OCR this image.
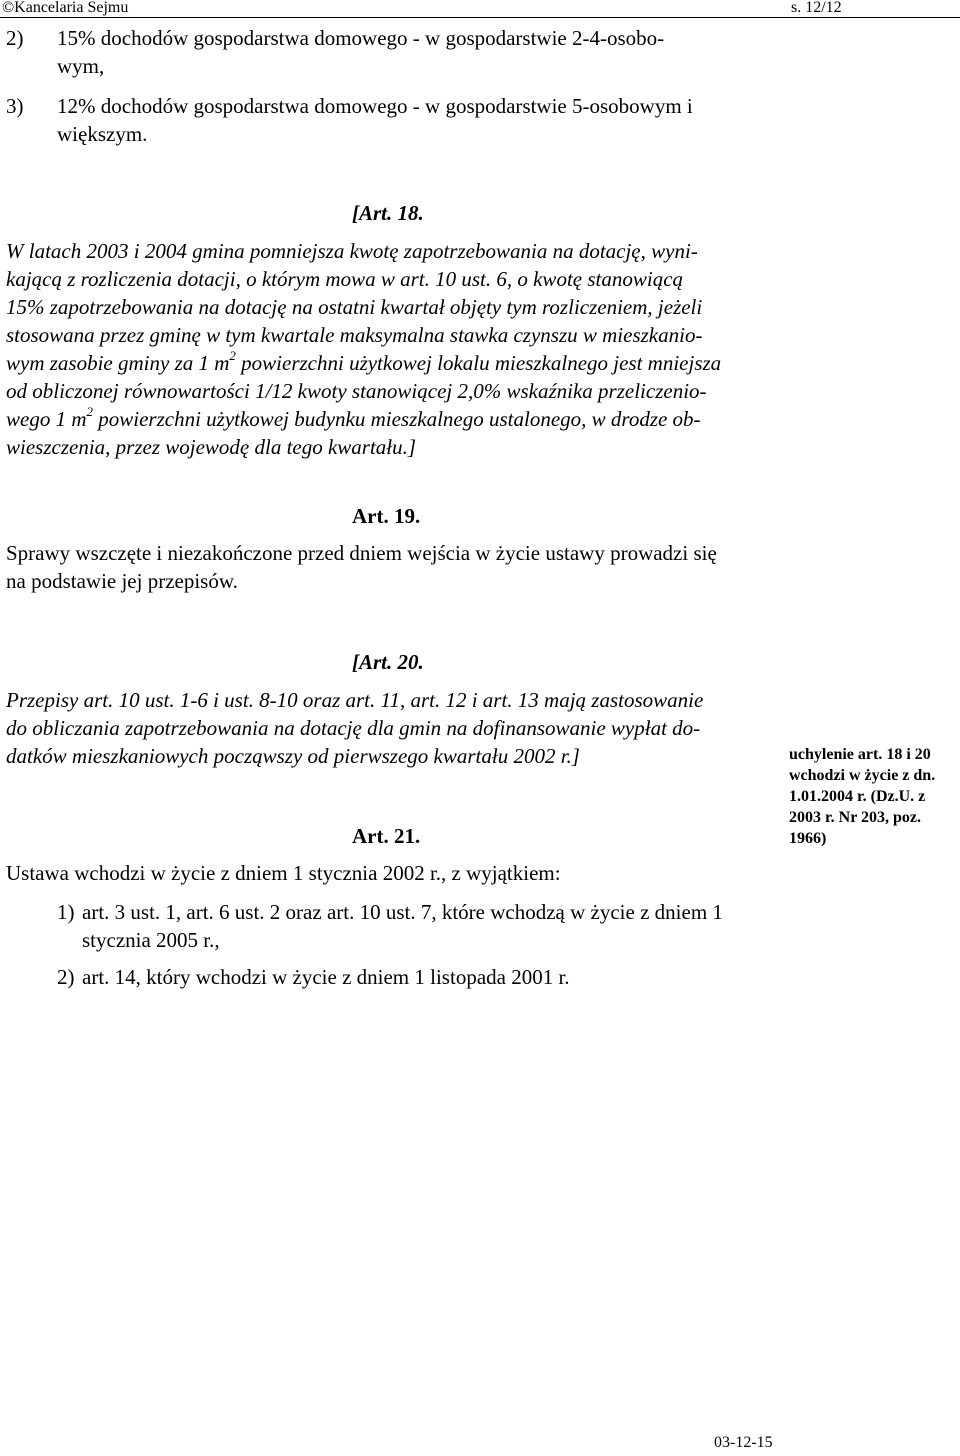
©Kancelaria Sejmu	s. 12/12
2) 15% dochodów gospodarstwa domowego - w gospodarstwie 2-4-osobo-
wym,
3) 12% dochodów gospodarstwa domowego - w gospodarstwie 5-osobowym i
większym.
[Art. 18.
W latach 2003 i 2004 gmina pomniejsza kwotę zapotrzebowania na dotację, wyni-
kającą z rozliczenia dotacji, o którym mowa w art. 10 ust. 6, o kwotę stanowiącą
15% zapotrzebowania na dotację na ostatni kwartał objęty tym rozliczeniem, jeżeli
stosowana przez gminę w tym kwartale maksymalna stawka czynszu w mieszkanio-
wym zasobie gminy za 1 $m^2$ powierzchni użytkowej lokalu mieszkalnego jest mniejsza
od obliczonej równowartości 1/12 kwoty stanowiącej 2,0% wskaźnika przeliczenio-
wego 1 $m^2$ powierzchni użytkowej budynku mieszkalnego ustalonego, w drodze ob-
wieszczenia, przez wojewodę dla tego kwartału.]
Art. 19.
Sprawy wszczęte i niezakończone przed dniem wejścia w życie ustawy prowadzi się
na podstawie jej przepisów.
[Art. 20.
Przepisy art. 10 ust. 1-6 i ust. 8-10 oraz art. 11, art. 12 i art. 13 mają zastosowanie
do obliczania zapotrzebowania na dotację dla gmin na dofinansowanie wypłat do-
datków mieszkaniowych począwszy od pierwszego kwartału 2002 r.]	uchylenie art. 18 i 20
wchodzi w życie z dn.
1.01.2004 r. (Dz.U. z
2003 r. Nr 203, poz.
1966)
Art. 21.
Ustawa wchodzi w życie z dniem 1 stycznia 2002 r., z wyjątkiem:
1) art. 3 ust. 1, art. 6 ust. 2 oraz art. 10 ust. 7, które wchodzą w życie z dniem 1
stycznia 2005 r.,
2) art. 14, który wchodzi w życie z dniem 1 listopada 2001 r.
03-12-15
